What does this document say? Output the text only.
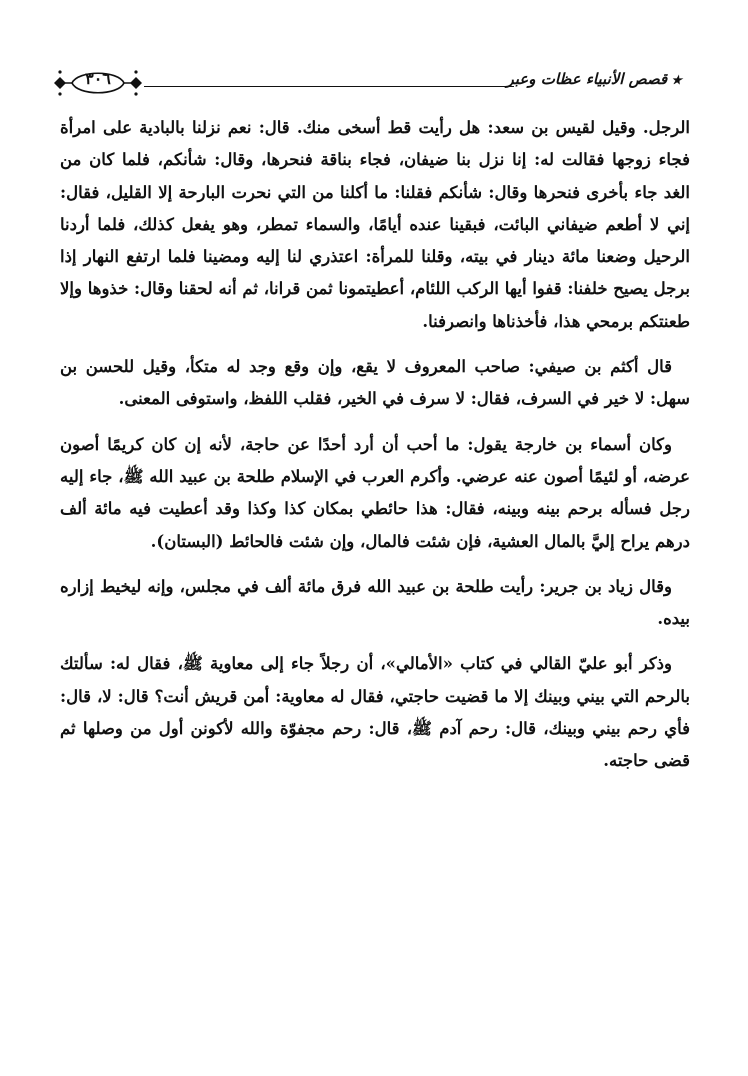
★قصص الأنبياء عظات وعبر
٣٠٦

الرجل. وقيل لقيس بن سعد: هل رأيت قط أسخى منك. قال: نعم نزلنا بالبادية على امرأة فجاء زوجها فقالت له: إنا نزل بنا ضيفان، فجاء بناقة فنحرها، وقال: شأنكم، فلما كان من الغد جاء بأخرى فنحرها وقال: شأنكم فقلنا: ما أكلنا من التي نحرت البارحة إلا القليل، فقال: إني لا أطعم ضيفاني البائت، فبقينا عنده أيامًا، والسماء تمطر، وهو يفعل كذلك، فلما أردنا الرحيل وضعنا مائة دينار في بيته، وقلنا للمرأة: اعتذري لنا إليه ومضينا فلما ارتفع النهار إذا برجل يصيح خلفنا: قفوا أيها الركب اللئام، أعطيتمونا ثمن قرانا، ثم أنه لحقنا وقال: خذوها وإلا طعنتكم برمحي هذا، فأخذناها وانصرفنا.

قال أكثم بن صيفي: صاحب المعروف لا يقع، وإن وقع وجد له متكأ، وقيل للحسن بن سهل: لا خير في السرف، فقال: لا سرف في الخير، فقلب اللفظ، واستوفى المعنى.

وكان أسماء بن خارجة يقول: ما أحب أن أرد أحدًا عن حاجة، لأنه إن كان كريمًا أصون عرضه، أو لئيمًا أصون عنه عرضي. وأكرم العرب في الإسلام طلحة بن عبيد الله ﷺ، جاء إليه رجل فسأله برحم بينه وبينه، فقال: هذا حائطي بمكان كذا وكذا وقد أعطيت فيه مائة ألف درهم يراح إليَّ بالمال العشية، فإن شئت فالمال، وإن شئت فالحائط (البستان).

وقال زياد بن جرير: رأيت طلحة بن عبيد الله فرق مائة ألف في مجلس، وإنه ليخيط إزاره بيده.

وذكر أبو عليّ القالي في كتاب «الأمالي»، أن رجلاً جاء إلى معاوية ﷺ، فقال له: سألتك بالرحم التي بيني وبينك إلا ما قضيت حاجتي، فقال له معاوية: أمن قريش أنت؟ قال: لا، قال: فأي رحم بيني وبينك، قال: رحم آدم ﷺ، قال: رحم مجفوّة والله لأكونن أول من وصلها ثم قضى حاجته.
